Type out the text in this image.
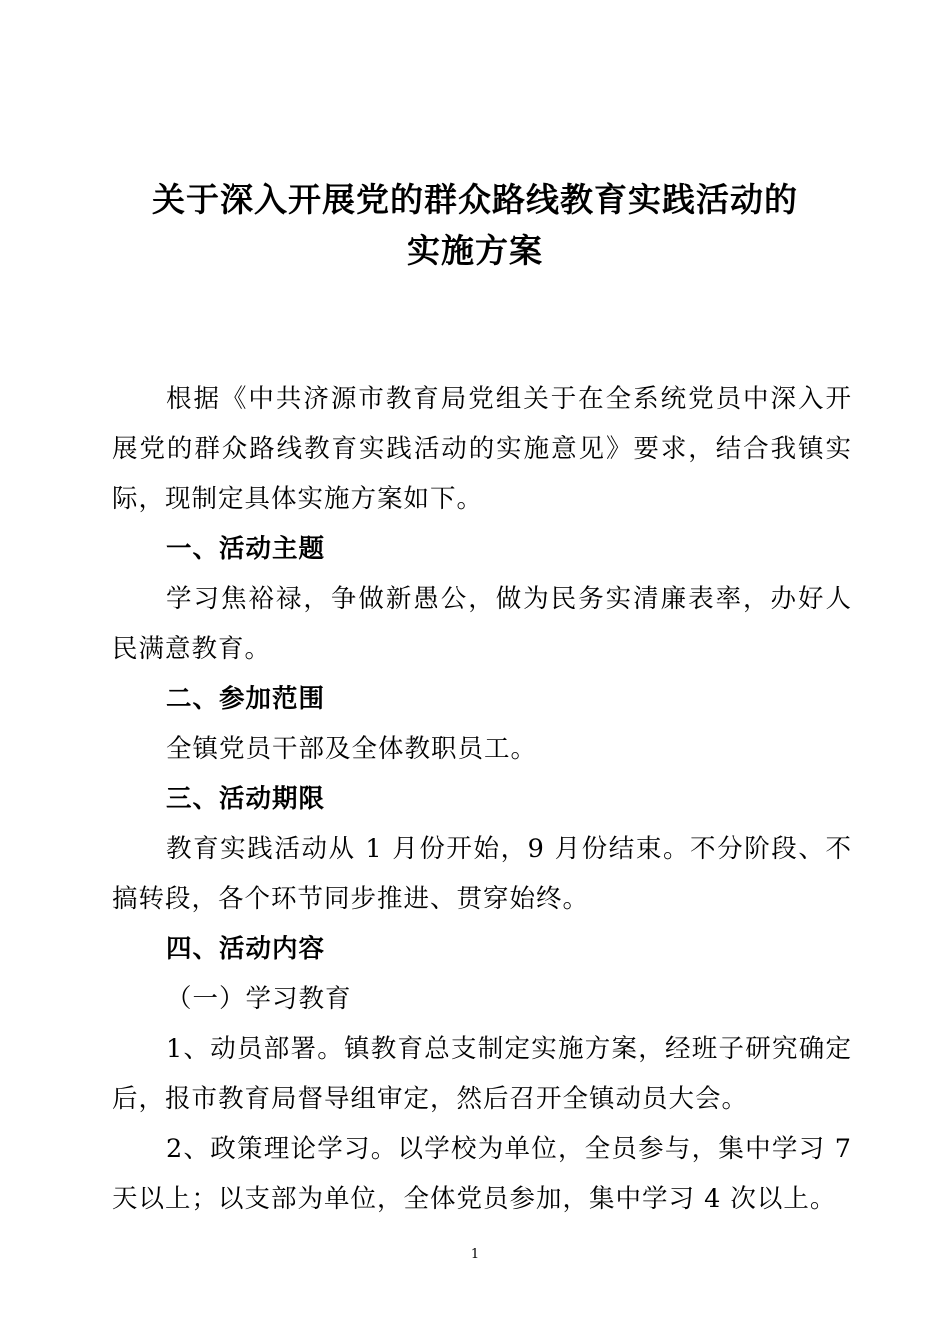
关于深入开展党的群众路线教育实践活动的
实施方案

根据《中共济源市教育局党组关于在全系统党员中深入开展党的群众路线教育实践活动的实施意见》要求，结合我镇实际，现制定具体实施方案如下。

一、活动主题

学习焦裕禄，争做新愚公，做为民务实清廉表率，办好人民满意教育。

二、参加范围

全镇党员干部及全体教职员工。

三、活动期限

教育实践活动从 1 月份开始，9 月份结束。不分阶段、不搞转段，各个环节同步推进、贯穿始终。

四、活动内容

（一）学习教育

1、动员部署。镇教育总支制定实施方案，经班子研究确定后，报市教育局督导组审定，然后召开全镇动员大会。

2、政策理论学习。以学校为单位，全员参与，集中学习 7 天以上；以支部为单位，全体党员参加，集中学习 4 次以上。

1
